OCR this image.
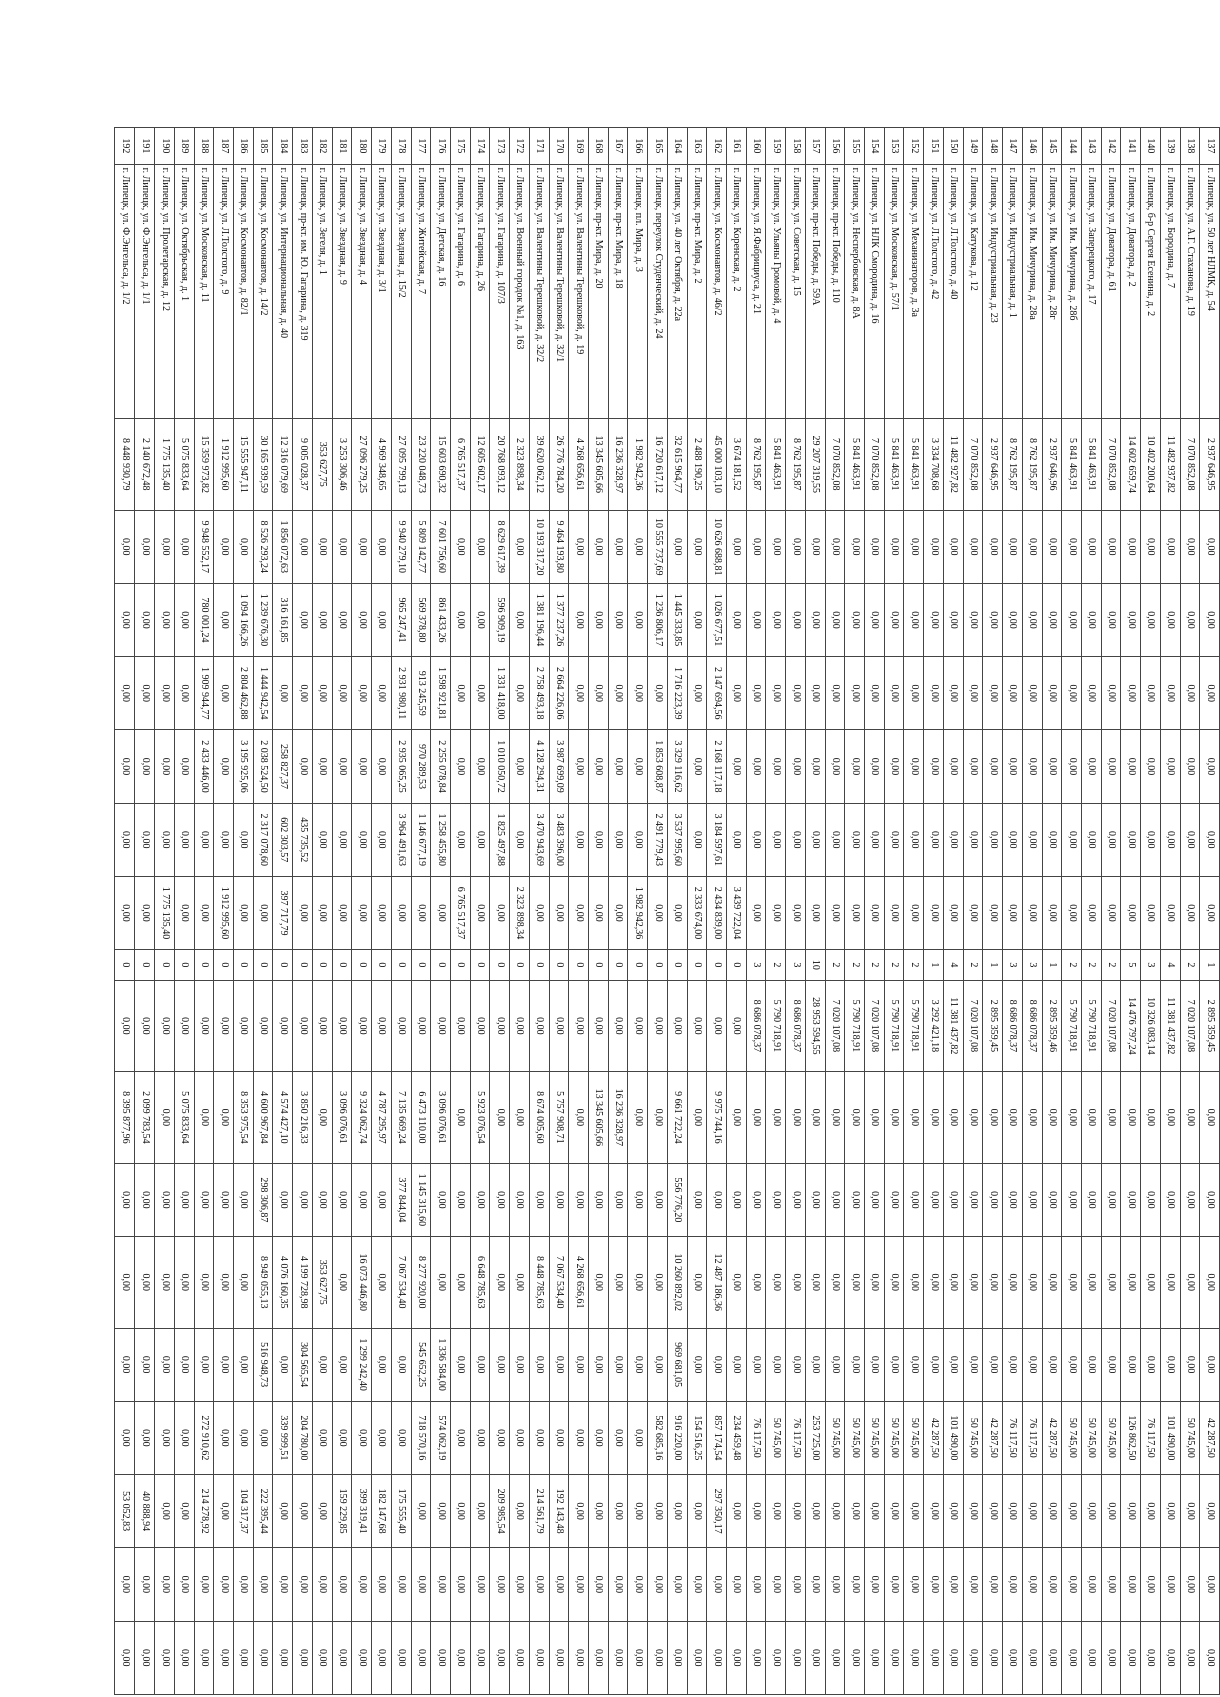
137	г. Липецк, ул. 50 лет НЛМК, д. 54	2 937 646,95	0,00	0,00	0,00	0,00	0,00	0,00	1	2 895 359,45	0,00	0,00	0,00	0,00	42 287,50	0,00	0,00	0,00
138	г. Липецк, ул. А.Г. Стаханова, д. 19	7 070 852,08	0,00	0,00	0,00	0,00	0,00	0,00	2	7 020 107,08	0,00	0,00	0,00	0,00	50 745,00	0,00	0,00	0,00
139	г. Липецк, ул. Бородина, д. 7	11 482 937,82	0,00	0,00	0,00	0,00	0,00	0,00	4	11 381 437,82	0,00	0,00	0,00	0,00	101 490,00	0,00	0,00	0,00
140	г. Липецк, б-р Сергея Есенина, д. 2	10 402 200,64	0,00	0,00	0,00	0,00	0,00	0,00	3	10 326 083,14	0,00	0,00	0,00	0,00	76 117,50	0,00	0,00	0,00
141	г. Липецк, ул. Доватора, д. 2	14 602 659,74	0,00	0,00	0,00	0,00	0,00	0,00	5	14 476 797,24	0,00	0,00	0,00	0,00	126 862,50	0,00	0,00	0,00
142	г. Липецк, ул. Доватора, д. 61	7 070 852,08	0,00	0,00	0,00	0,00	0,00	0,00	2	7 020 107,08	0,00	0,00	0,00	0,00	50 745,00	0,00	0,00	0,00
143	г. Липецк, ул. Заперецкого, д. 17	5 841 463,91	0,00	0,00	0,00	0,00	0,00	0,00	2	5 790 718,91	0,00	0,00	0,00	0,00	50 745,00	0,00	0,00	0,00
144	г. Липецк, ул. Им. Мичурина, д. 28б	5 841 463,91	0,00	0,00	0,00	0,00	0,00	0,00	2	5 790 718,91	0,00	0,00	0,00	0,00	50 745,00	0,00	0,00	0,00
145	г. Липецк, ул. Им. Мичурина, д. 28г	2 937 646,96	0,00	0,00	0,00	0,00	0,00	0,00	1	2 895 359,46	0,00	0,00	0,00	0,00	42 287,50	0,00	0,00	0,00
146	г. Липецк, ул. Им. Мичурина, д. 28а	8 762 195,87	0,00	0,00	0,00	0,00	0,00	0,00	3	8 686 078,37	0,00	0,00	0,00	0,00	76 117,50	0,00	0,00	0,00
147	г. Липецк, ул. Индустриальная, д. 1	8 762 195,87	0,00	0,00	0,00	0,00	0,00	0,00	3	8 686 078,37	0,00	0,00	0,00	0,00	76 117,50	0,00	0,00	0,00
148	г. Липецк, ул. Индустриальная, д. 23	2 937 646,95	0,00	0,00	0,00	0,00	0,00	0,00	1	2 895 359,45	0,00	0,00	0,00	0,00	42 287,50	0,00	0,00	0,00
149	г. Липецк, ул. Катукова, д. 12	7 070 852,08	0,00	0,00	0,00	0,00	0,00	0,00	2	7 020 107,08	0,00	0,00	0,00	0,00	50 745,00	0,00	0,00	0,00
150	г. Липецк, ул. Л.Толстого, д. 40	11 482 927,82	0,00	0,00	0,00	0,00	0,00	0,00	4	11 381 437,82	0,00	0,00	0,00	0,00	101 490,00	0,00	0,00	0,00
151	г. Липецк, ул. Л.Толстого, д. 42	3 334 708,68	0,00	0,00	0,00	0,00	0,00	0,00	1	3 292 421,18	0,00	0,00	0,00	0,00	42 287,50	0,00	0,00	0,00
152	г. Липецк, ул. Механизаторов, д. 3а	5 841 463,91	0,00	0,00	0,00	0,00	0,00	0,00	2	5 790 718,91	0,00	0,00	0,00	0,00	50 745,00	0,00	0,00	0,00
153	г. Липецк, ул. Московская, д. 57/1	5 841 463,91	0,00	0,00	0,00	0,00	0,00	0,00	2	5 790 718,91	0,00	0,00	0,00	0,00	50 745,00	0,00	0,00	0,00
154	г. Липецк, ул. НЛК Смородина, д. 16	7 070 852,08	0,00	0,00	0,00	0,00	0,00	0,00	2	7 020 107,08	0,00	0,00	0,00	0,00	50 745,00	0,00	0,00	0,00
155	г. Липецк, ул. Неспербовская, д. 8А	5 841 463,91	0,00	0,00	0,00	0,00	0,00	0,00	2	5 790 718,91	0,00	0,00	0,00	0,00	50 745,00	0,00	0,00	0,00
156	г. Липецк, пр-кт. Победы, д. 110	7 070 852,08	0,00	0,00	0,00	0,00	0,00	0,00	2	7 020 107,08	0,00	0,00	0,00	0,00	50 745,00	0,00	0,00	0,00
157	г. Липецк, пр-кт. Победы, д. 59А	29 207 319,55	0,00	0,00	0,00	0,00	0,00	0,00	10	28 953 594,55	0,00	0,00	0,00	0,00	253 725,00	0,00	0,00	0,00
158	г. Липецк, ул. Советская, д. 15	8 762 195,87	0,00	0,00	0,00	0,00	0,00	0,00	3	8 686 078,37	0,00	0,00	0,00	0,00	76 117,50	0,00	0,00	0,00
159	г. Липецк, ул. Ульяны Громовой, д. 4	5 841 463,91	0,00	0,00	0,00	0,00	0,00	0,00	2	5 790 718,91	0,00	0,00	0,00	0,00	50 745,00	0,00	0,00	0,00
160	г. Липецк, ул. Я.Фабрициуса, д. 21	8 762 195,87	0,00	0,00	0,00	0,00	0,00	0,00	3	8 686 078,37	0,00	0,00	0,00	0,00	76 117,50	0,00	0,00	0,00
161	г. Липецк, ул. Коренская, д. 2	3 674 181,52	0,00	0,00	0,00	0,00	0,00	3 439 722,04	0	0,00	0,00	0,00	0,00	0,00	234 459,48	0,00	0,00	0,00
162	г. Липецк, ул. Космонавтов, д. 46/2	45 000 103,10	10 626 688,81	1 026 677,51	2 147 694,56	2 168 117,18	3 184 597,61	2 434 839,00	0	0,00	9 975 744,16	0,00	12 487 186,36	0,00	857 174,54	297 350,17	0,00	0,00
163	г. Липецк, пр-кт. Мира, д. 2	2 488 190,25	0,00	0,00	0,00	0,00	0,00	2 333 674,00	0	0,00	0,00	0,00	0,00	0,00	154 516,25	0,00	0,00	0,00
164	г. Липецк, ул. 40 лет Октября, д. 22а	32 615 964,77	0,00	1 445 333,85	1 716 223,39	3 329 116,62	3 537 995,60	0,00	0	0,00	9 661 722,24	556 776,20	10 260 892,02	969 681,05	916 220,00	0,00	0,00	0,00
165	г. Липецк, переулок Студенческий, д. 24	16 720 617,12	10 555 737,69	1 236 806,17	0,00	1 853 608,87	2 491 779,43	0,00	0	0,00	0,00	0,00	0,00	0,00	582 685,16	0,00	0,00	0,00
166	г. Липецк, пл. Мира, д. 3	1 982 942,36	0,00	0,00	0,00	0,00	0,00	1 982 942,36	0	0,00	0,00	0,00	0,00	0,00	0,00	0,00	0,00	0,00
167	г. Липецк, пр-кт. Мира, д. 18	16 236 328,97	0,00	0,00	0,00	0,00	0,00	0,00	0	0,00	16 236 328,97	0,00	0,00	0,00	0,00	0,00	0,00	0,00
168	г. Липецк, пр-кт. Мира, д. 20	13 345 605,66	0,00	0,00	0,00	0,00	0,00	0,00	0	0,00	13 345 605,66	0,00	0,00	0,00	0,00	0,00	0,00	0,00
169	г. Липецк, ул. Валентины Терешковой, д. 19	4 268 656,61	0,00	0,00	0,00	0,00	0,00	0,00	0	0,00	0,00	0,00	4 268 656,61	0,00	0,00	0,00	0,00	0,00
170	г. Липецк, ул. Валентины Терешковой, д. 32/1	26 776 784,20	9 464 193,80	1 377 237,26	2 664 226,06	3 987 699,09	3 483 396,00	0,00	0	0,00	5 757 908,71	0,00	7 067 534,40	0,00	0,00	192 143,48	0,00	0,00
171	г. Липецк, ул. Валентины Терешковой, д. 32/2	39 620 062,12	10 193 317,20	1 381 196,44	2 758 493,18	4 128 294,31	3 470 943,69	0,00	0	0,00	8 674 005,60	0,00	8 448 785,63	0,00	0,00	214 561,79	0,00	0,00
172	г. Липецк, ул. Военный городок №1, д. 163	2 323 898,34	0,00	0,00	0,00	0,00	0,00	2 323 898,34	0	0,00	0,00	0,00	0,00	0,00	0,00	0,00	0,00	0,00
173	г. Липецк, ул. Гагарина, д. 107/3	20 768 093,12	8 629 617,39	596 909,19	1 331 418,00	1 010 050,72	1 825 497,88	0,00	0	0,00	0,00	0,00	0,00	0,00	0,00	209 985,54	0,00	0,00
174	г. Липецк, ул. Гагарина, д. 26	12 605 602,17	0,00	0,00	0,00	0,00	0,00	0,00	0	0,00	5 923 076,54	0,00	6 648 785,63	0,00	0,00	0,00	0,00	0,00
175	г. Липецк, ул. Гагарина, д. 6	6 765 517,37	0,00	0,00	0,00	0,00	0,00	6 765 517,37	0	0,00	0,00	0,00	0,00	0,00	0,00	0,00	0,00	0,00
176	г. Липецк, ул. Детская, д. 16	15 603 690,32	7 601 756,60	861 433,26	1 598 921,81	2 255 078,84	1 258 455,80	0,00	0	0,00	3 096 076,61	0,00	0,00	1 336 584,00	574 062,19	0,00	0,00	0,00
177	г. Липецк, ул. Житейская, д. 7	23 220 048,73	5 809 142,77	569 378,80	913 245,59	970 289,53	1 146 677,19	0,00	0	0,00	6 473 110,00	1 145 315,60	8 277 920,00	545 652,25	718 570,16	0,00	0,00	0,00
178	г. Липецк, ул. Звездная, д. 15/2	27 095 799,13	9 940 279,10	965 247,41	2 931 980,11	2 935 065,25	3 964 491,63	0,00	0	0,00	7 135 669,24	377 844,04	7 067 534,40	0,00	0,00	175 555,40	0,00	0,00
179	г. Липецк, ул. Звездная, д. 3/1	4 969 348,65	0,00	0,00	0,00	0,00	0,00	0,00	0	0,00	4 787 295,97	0,00	0,00	0,00	0,00	182 147,68	0,00	0,00
180	г. Липецк, ул. Звездная, д. 4	27 096 279,25	0,00	0,00	0,00	0,00	0,00	0,00	0	0,00	9 324 062,74	0,00	16 073 446,80	1 299 242,40	0,00	399 319,41	0,00	0,00
181	г. Липецк, ул. Звездная, д. 9	3 253 306,46	0,00	0,00	0,00	0,00	0,00	0,00	0	0,00	3 096 076,61	0,00	0,00	0,00	0,00	159 229,85	0,00	0,00
182	г. Липецк, ул. Зегеля, д. 1	353 627,75	0,00	0,00	0,00	0,00	0,00	0,00	0	0,00	0,00	0,00	353 627,75	0,00	0,00	0,00	0,00	0,00
183	г. Липецк, пр-кт. им. Ю. Гагарина, д. 319	9 005 028,37	0,00	0,00	0,00	0,00	435 735,52	0,00	0	0,00	3 850 216,33	0,00	4 199 728,98	304 565,54	204 780,00	0,00	0,00	0,00
184	г. Липецк, ул. Интернациональная, д. 40	12 316 079,69	1 856 072,63	316 161,85	0,00	258 827,37	602 303,57	397 717,79	0	0,00	4 574 427,10	0,00	4 076 160,35	0,00	339 999,51	0,00	0,00	0,00
185	г. Липецк, ул. Космонавтов, д. 14/2	30 165 939,59	8 526 293,24	1 239 676,30	1 444 942,54	2 038 524,50	2 317 078,60	0,00	0	0,00	4 600 967,84	298 306,87	8 949 055,13	516 948,73	0,00	222 395,44	0,00	0,00
186	г. Липецк, ул. Космонавтов, д. 82/1	15 555 947,11	0,00	1 094 166,26	2 804 462,88	3 195 925,06	0,00	0,00	0	0,00	8 353 975,54	0,00	0,00	0,00	0,00	104 317,37	0,00	0,00
187	г. Липецк, ул. Л.Толстого, д. 9	1 912 995,60	0,00	0,00	0,00	0,00	0,00	1 912 995,60	0	0,00	0,00	0,00	0,00	0,00	0,00	0,00	0,00	0,00
188	г. Липецк, ул. Московская, д. 11	15 359 973,82	9 948 552,17	780 001,24	1 909 944,77	2 433 446,00	0,00	0,00	0	0,00	0,00	0,00	0,00	0,00	272 910,62	214 278,92	0,00	0,00
189	г. Липецк, ул. Октябрьская, д. 1	5 075 833,64	0,00	0,00	0,00	0,00	0,00	0,00	0	0,00	5 075 833,64	0,00	0,00	0,00	0,00	0,00	0,00	0,00
190	г. Липецк, ул. Пролетарская, д. 12	1 775 135,40	0,00	0,00	0,00	0,00	0,00	1 775 135,40	0	0,00	0,00	0,00	0,00	0,00	0,00	0,00	0,00	0,00
191	г. Липецк, ул. Ф.Энгельса, д. 1/1	2 140 672,48	0,00	0,00	0,00	0,00	0,00	0,00	0	0,00	2 099 783,54	0,00	0,00	0,00	0,00	40 888,94	0,00	0,00
192	г. Липецк, ул. Ф.Энгельса, д. 1/2	8 448 930,79	0,00	0,00	0,00	0,00	0,00	0,00	0	0,00	8 395 877,96	0,00	0,00	0,00	0,00	53 052,83	0,00	0,00
